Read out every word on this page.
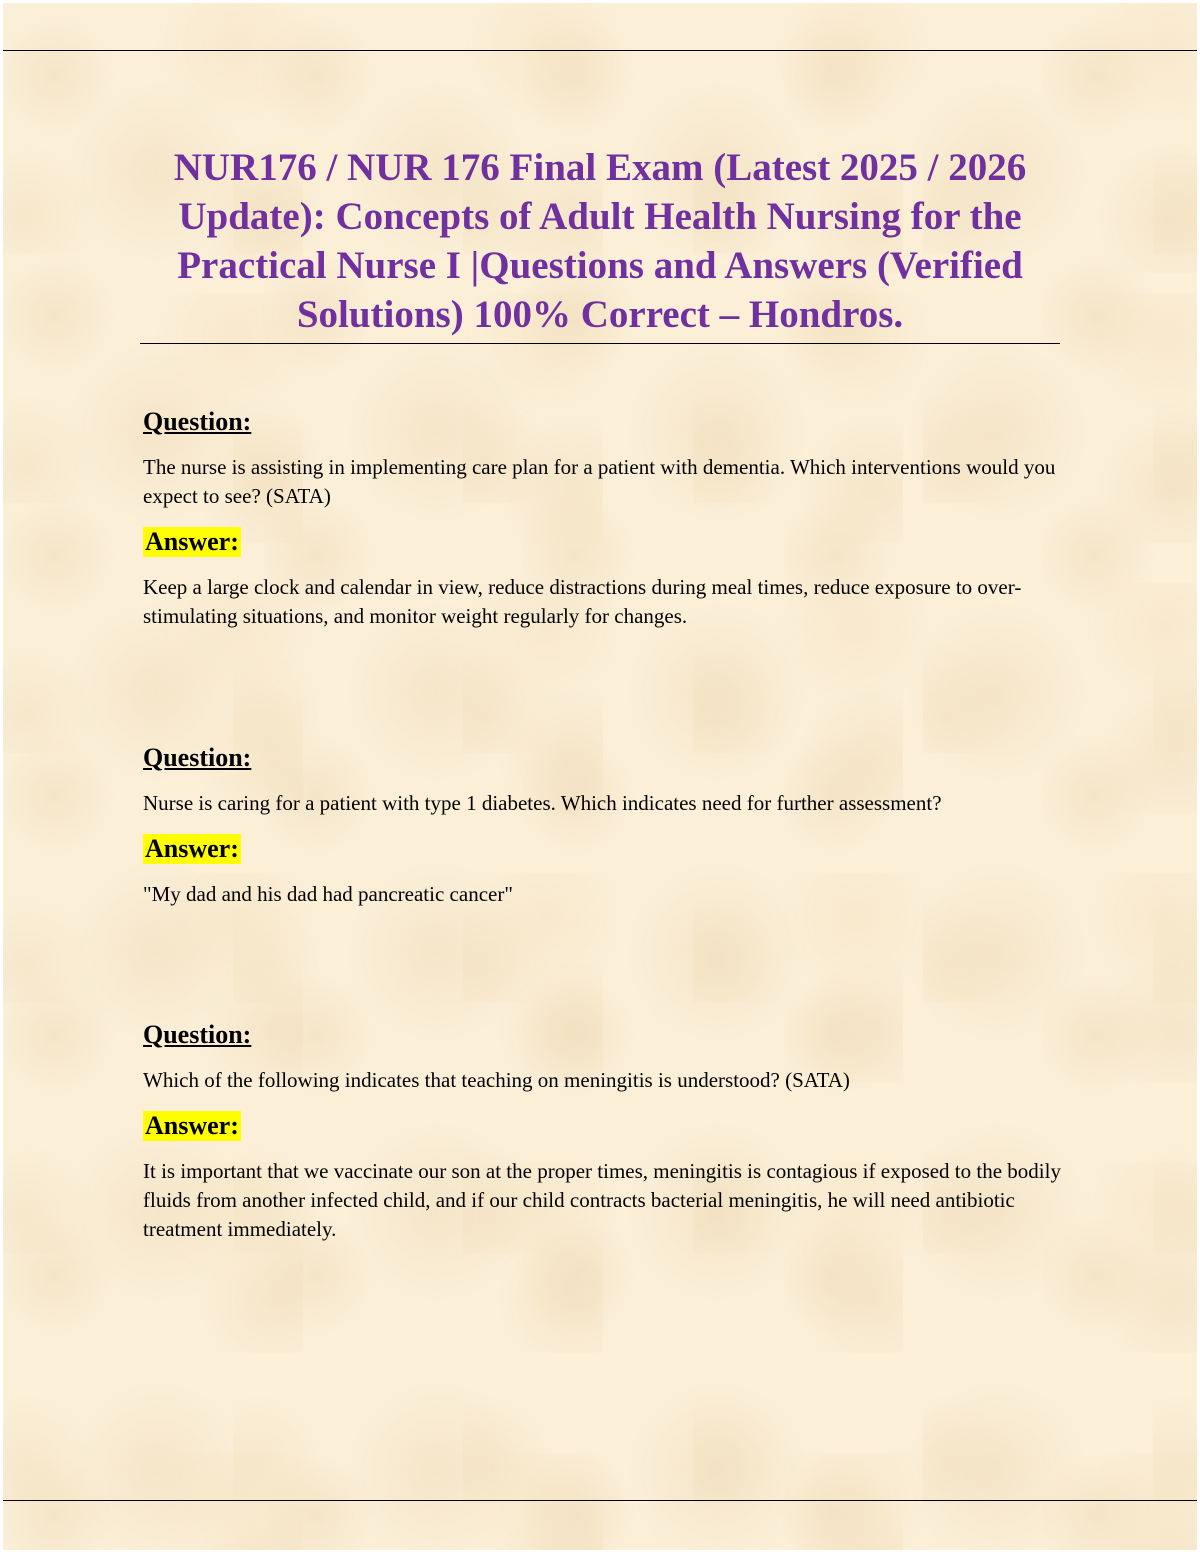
NUR176 / NUR 176 Final Exam (Latest 2025 / 2026 Update): Concepts of Adult Health Nursing for the Practical Nurse I |Questions and Answers (Verified Solutions) 100% Correct – Hondros.

Question:

The nurse is assisting in implementing care plan for a patient with dementia. Which interventions would you expect to see? (SATA)

Answer:

Keep a large clock and calendar in view, reduce distractions during meal times, reduce exposure to over-stimulating situations, and monitor weight regularly for changes.

Question:

Nurse is caring for a patient with type 1 diabetes. Which indicates need for further assessment?

Answer:

"My dad and his dad had pancreatic cancer"

Question:

Which of the following indicates that teaching on meningitis is understood? (SATA)

Answer:

It is important that we vaccinate our son at the proper times, meningitis is contagious if exposed to the bodily fluids from another infected child, and if our child contracts bacterial meningitis, he will need antibiotic treatment immediately.
